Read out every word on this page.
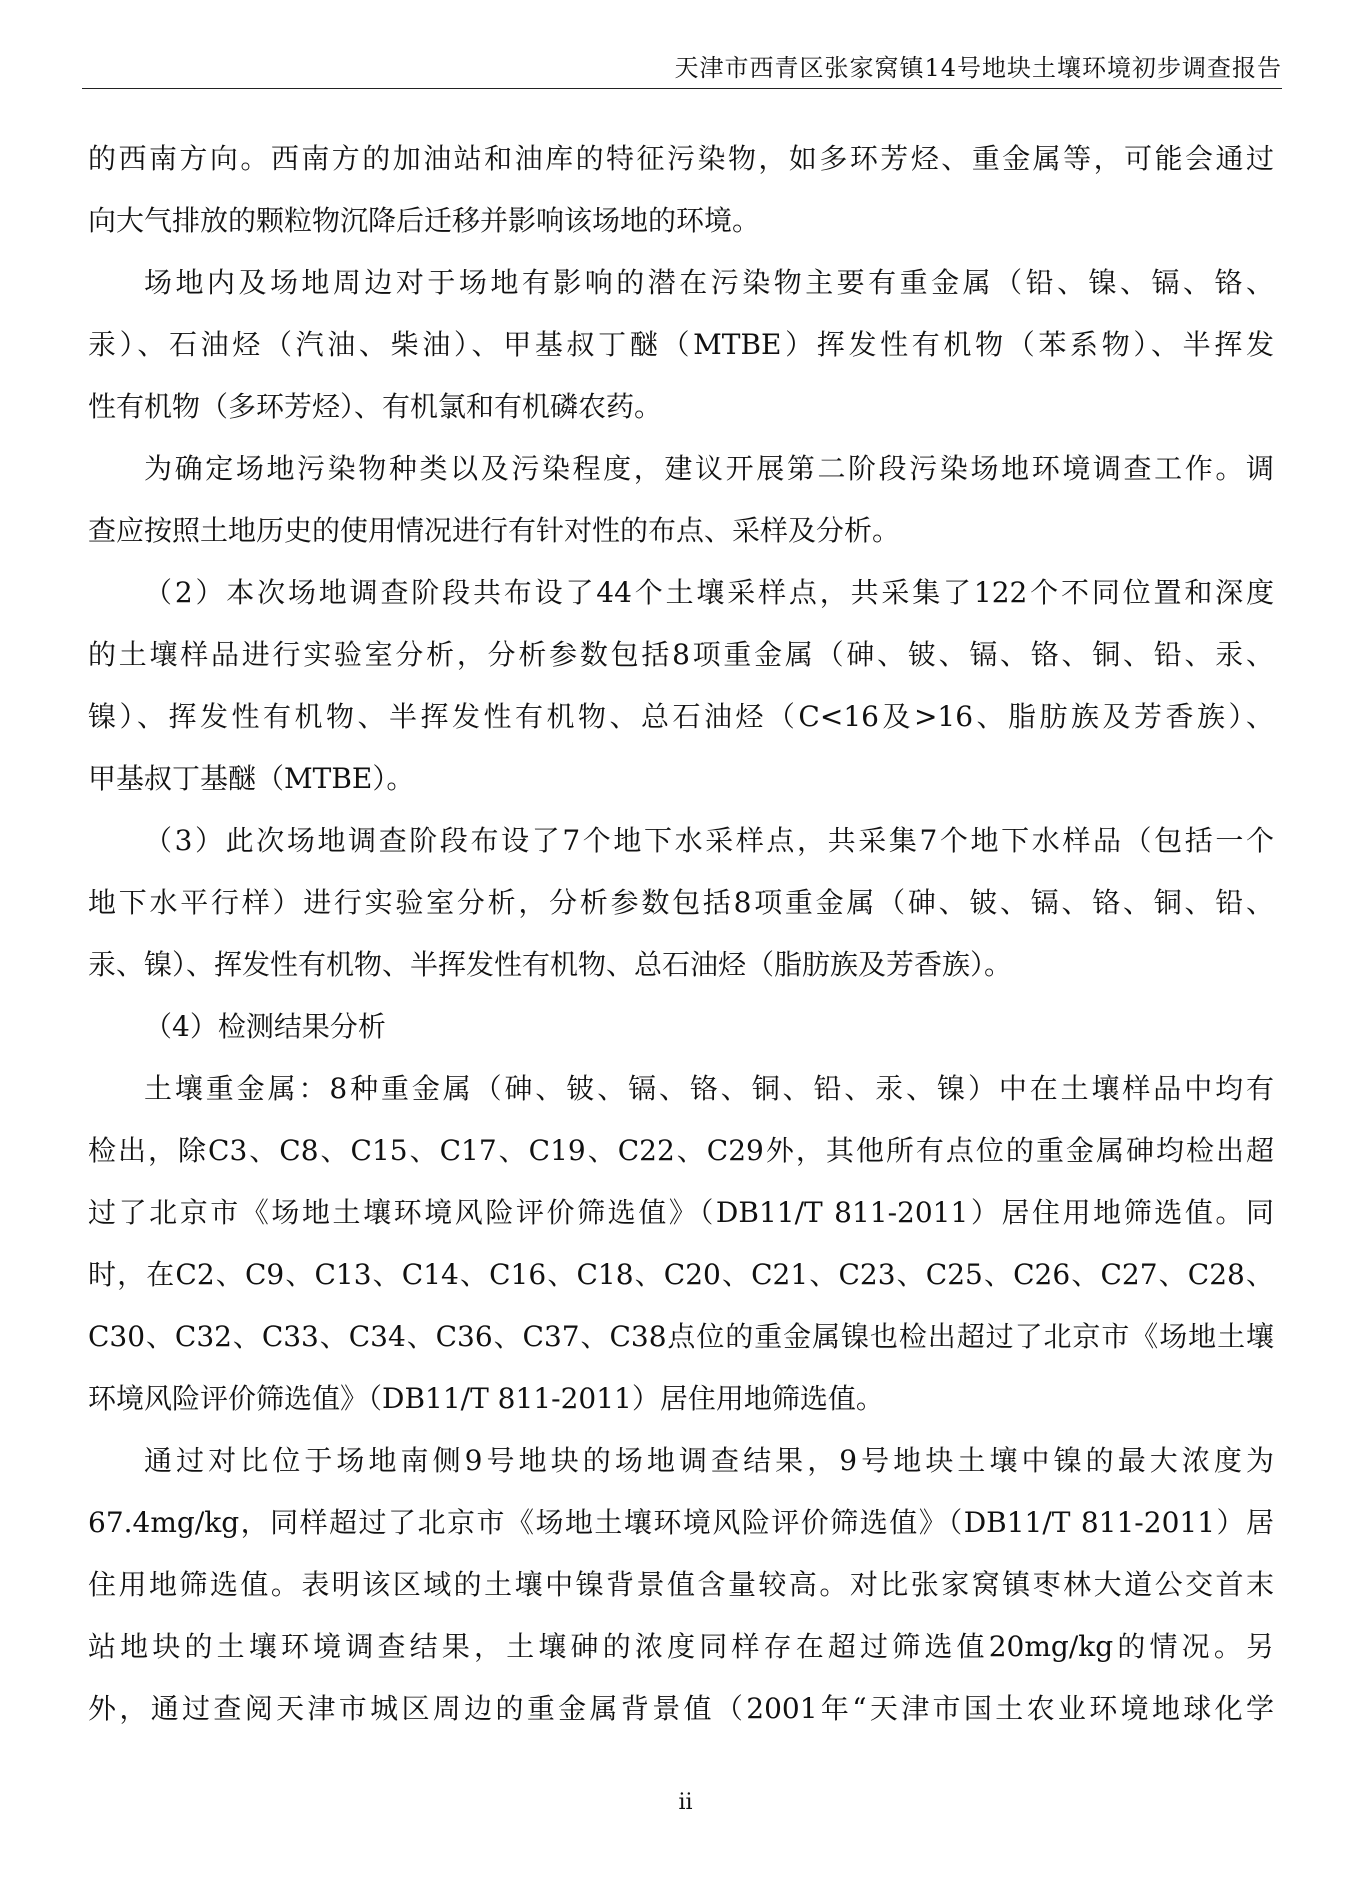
天津市西青区张家窝镇14号地块土壤环境初步调查报告
的西南方向。西南方的加油站和油库的特征污染物，如多环芳烃、重金属等，可能会通过
向大气排放的颗粒物沉降后迁移并影响该场地的环境。
场地内及场地周边对于场地有影响的潜在污染物主要有重金属（铅、镍、镉、铬、
汞）、石油烃（汽油、柴油）、甲基叔丁醚（MTBE）挥发性有机物（苯系物）、半挥发
性有机物（多环芳烃）、有机氯和有机磷农药。
为确定场地污染物种类以及污染程度，建议开展第二阶段污染场地环境调查工作。调
查应按照土地历史的使用情况进行有针对性的布点、采样及分析。
（2）本次场地调查阶段共布设了44个土壤采样点，共采集了122个不同位置和深度
的土壤样品进行实验室分析，分析参数包括8项重金属（砷、铍、镉、铬、铜、铅、汞、
镍）、挥发性有机物、半挥发性有机物、总石油烃（C<16及>16、脂肪族及芳香族）、
甲基叔丁基醚（MTBE）。
（3）此次场地调查阶段布设了7个地下水采样点，共采集7个地下水样品（包括一个
地下水平行样）进行实验室分析，分析参数包括8项重金属（砷、铍、镉、铬、铜、铅、
汞、镍）、挥发性有机物、半挥发性有机物、总石油烃（脂肪族及芳香族）。
（4）检测结果分析
土壤重金属：8种重金属（砷、铍、镉、铬、铜、铅、汞、镍）中在土壤样品中均有
检出，除C3、C8、C15、C17、C19、C22、C29外，其他所有点位的重金属砷均检出超
过了北京市《场地土壤环境风险评价筛选值》（DB11/T 811-2011）居住用地筛选值。同
时，在C2、C9、C13、C14、C16、C18、C20、C21、C23、C25、C26、C27、C28、
C30、C32、C33、C34、C36、C37、C38点位的重金属镍也检出超过了北京市《场地土壤
环境风险评价筛选值》（DB11/T 811-2011）居住用地筛选值。
通过对比位于场地南侧9号地块的场地调查结果，9号地块土壤中镍的最大浓度为
67.4mg/kg，同样超过了北京市《场地土壤环境风险评价筛选值》（DB11/T 811-2011）居
住用地筛选值。表明该区域的土壤中镍背景值含量较高。对比张家窝镇枣林大道公交首末
站地块的土壤环境调查结果，土壤砷的浓度同样存在超过筛选值20mg/kg的情况。另
外，通过查阅天津市城区周边的重金属背景值（2001年“天津市国土农业环境地球化学
ii
